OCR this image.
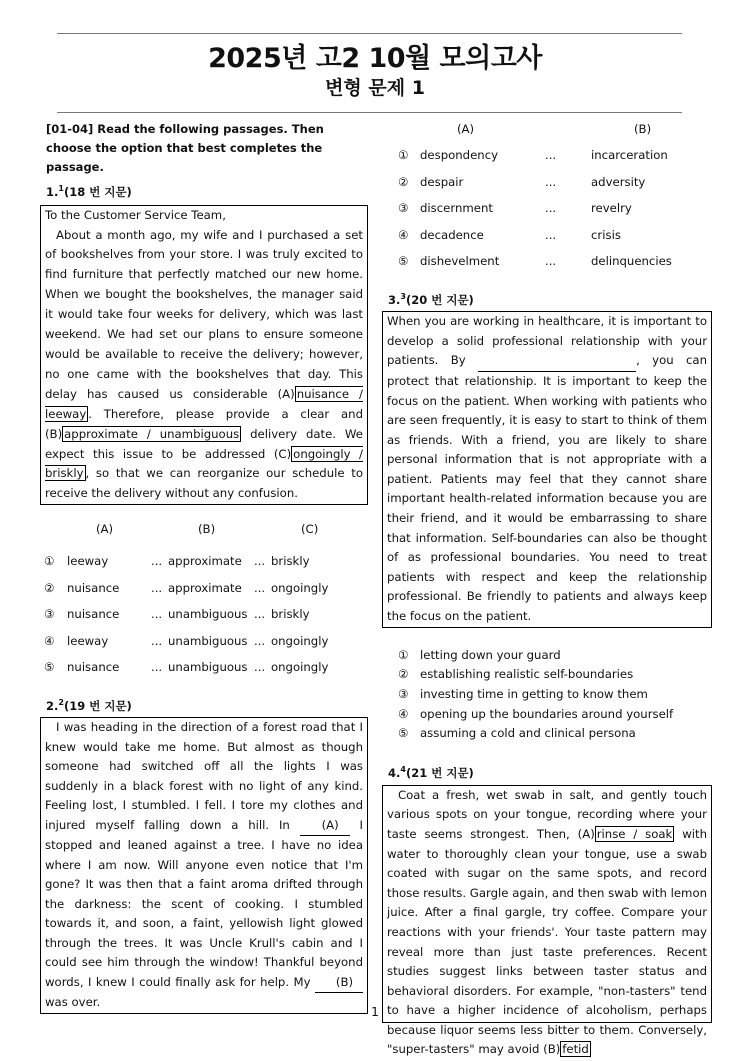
2025년 고2 10월 모의고사
변형 문제 1
[01-04] Read the following passages. Then choose the option that best completes the passage.
1.$^1$(18 번 지문)

To the Customer Service Team,

About a month ago, my wife and I purchased a set of bookshelves from your store. I was truly excited to find furniture that perfectly matched our new home. When we bought the bookshelves, the manager said it would take four weeks for delivery, which was last weekend. We had set our plans to ensure someone would be available to receive the delivery; however, no one came with the bookshelves that day. This delay has caused us considerable (A) nuisance / leeway . Therefore, please provide a clear and (B) approximate / unambiguous delivery date. We expect this issue to be addressed (C) ongoingly / briskly , so that we can reorganize our schedule to receive the delivery without any confusion.

(A)	(B)	(C)
① leeway	... approximate ... briskly
② nuisance	... approximate ... ongoingly
③ nuisance	... unambiguous ... briskly
④ leeway	... unambiguous ... ongoingly
⑤ nuisance	... unambiguous ... ongoingly
2.$^2$(19 번 지문)
I was heading in the direction of a forest road that I knew would take me home. But almost as though someone had switched off all the lights I was suddenly in a black forest with no light of any kind. Feeling lost, I stumbled. I fell. I tore my clothes and injured myself falling down a hill. In (A) I stopped and leaned against a tree. I have no idea where I am now. Will anyone even notice that I'm gone? It was then that a faint aroma drifted through the darkness: the scent of cooking. I stumbled towards it, and soon, a faint, yellowish light glowed through the trees. It was Uncle Krull's cabin and I could see him through the window! Thankful beyond words, I knew I could finally ask for help. My (B) was over.
(A)	(B)
① despondency	...	incarceration
② despair	...	adversity
③ discernment	...	revelry
④ decadence	...	crisis
⑤ dishevelment	...	delinquencies
3.$^3$(20 번 지문)
When you are working in healthcare, it is important to develop a solid professional relationship with your patients. By	, you can protect that relationship. It is important to keep the focus on the patient. When working with patients who are seen frequently, it is easy to start to think of them as friends. With a friend, you are likely to share personal information that is not appropriate with a patient. Patients may feel that they cannot share important health-related information because you are their friend, and it would be embarrassing to share that information. Self-boundaries can also be thought of as professional boundaries. You need to treat patients with respect and keep the relationship professional. Be friendly to patients and always keep the focus on the patient.
① letting down your guard
② establishing realistic self-boundaries
③ investing time in getting to know them
④ opening up the boundaries around yourself
⑤ assuming a cold and clinical persona
4.$^4$(21 번 지문)
Coat a fresh, wet swab in salt, and gently touch various spots on your tongue, recording where your taste seems strongest. Then, (A) rinse / soak with water to thoroughly clean your tongue, use a swab coated with sugar on the same spots, and record those results. Gargle again, and then swab with lemon juice. After a final gargle, try coffee. Compare your reactions with your friends'. Your taste pattern may reveal more than just taste preferences. Recent studies suggest links between taster status and behavioral disorders. For example, "non-tasters" tend to have a higher incidence of alcoholism, perhaps because liquor seems less bitter to them. Conversely, "super-tasters" may avoid (B) fetid
1
